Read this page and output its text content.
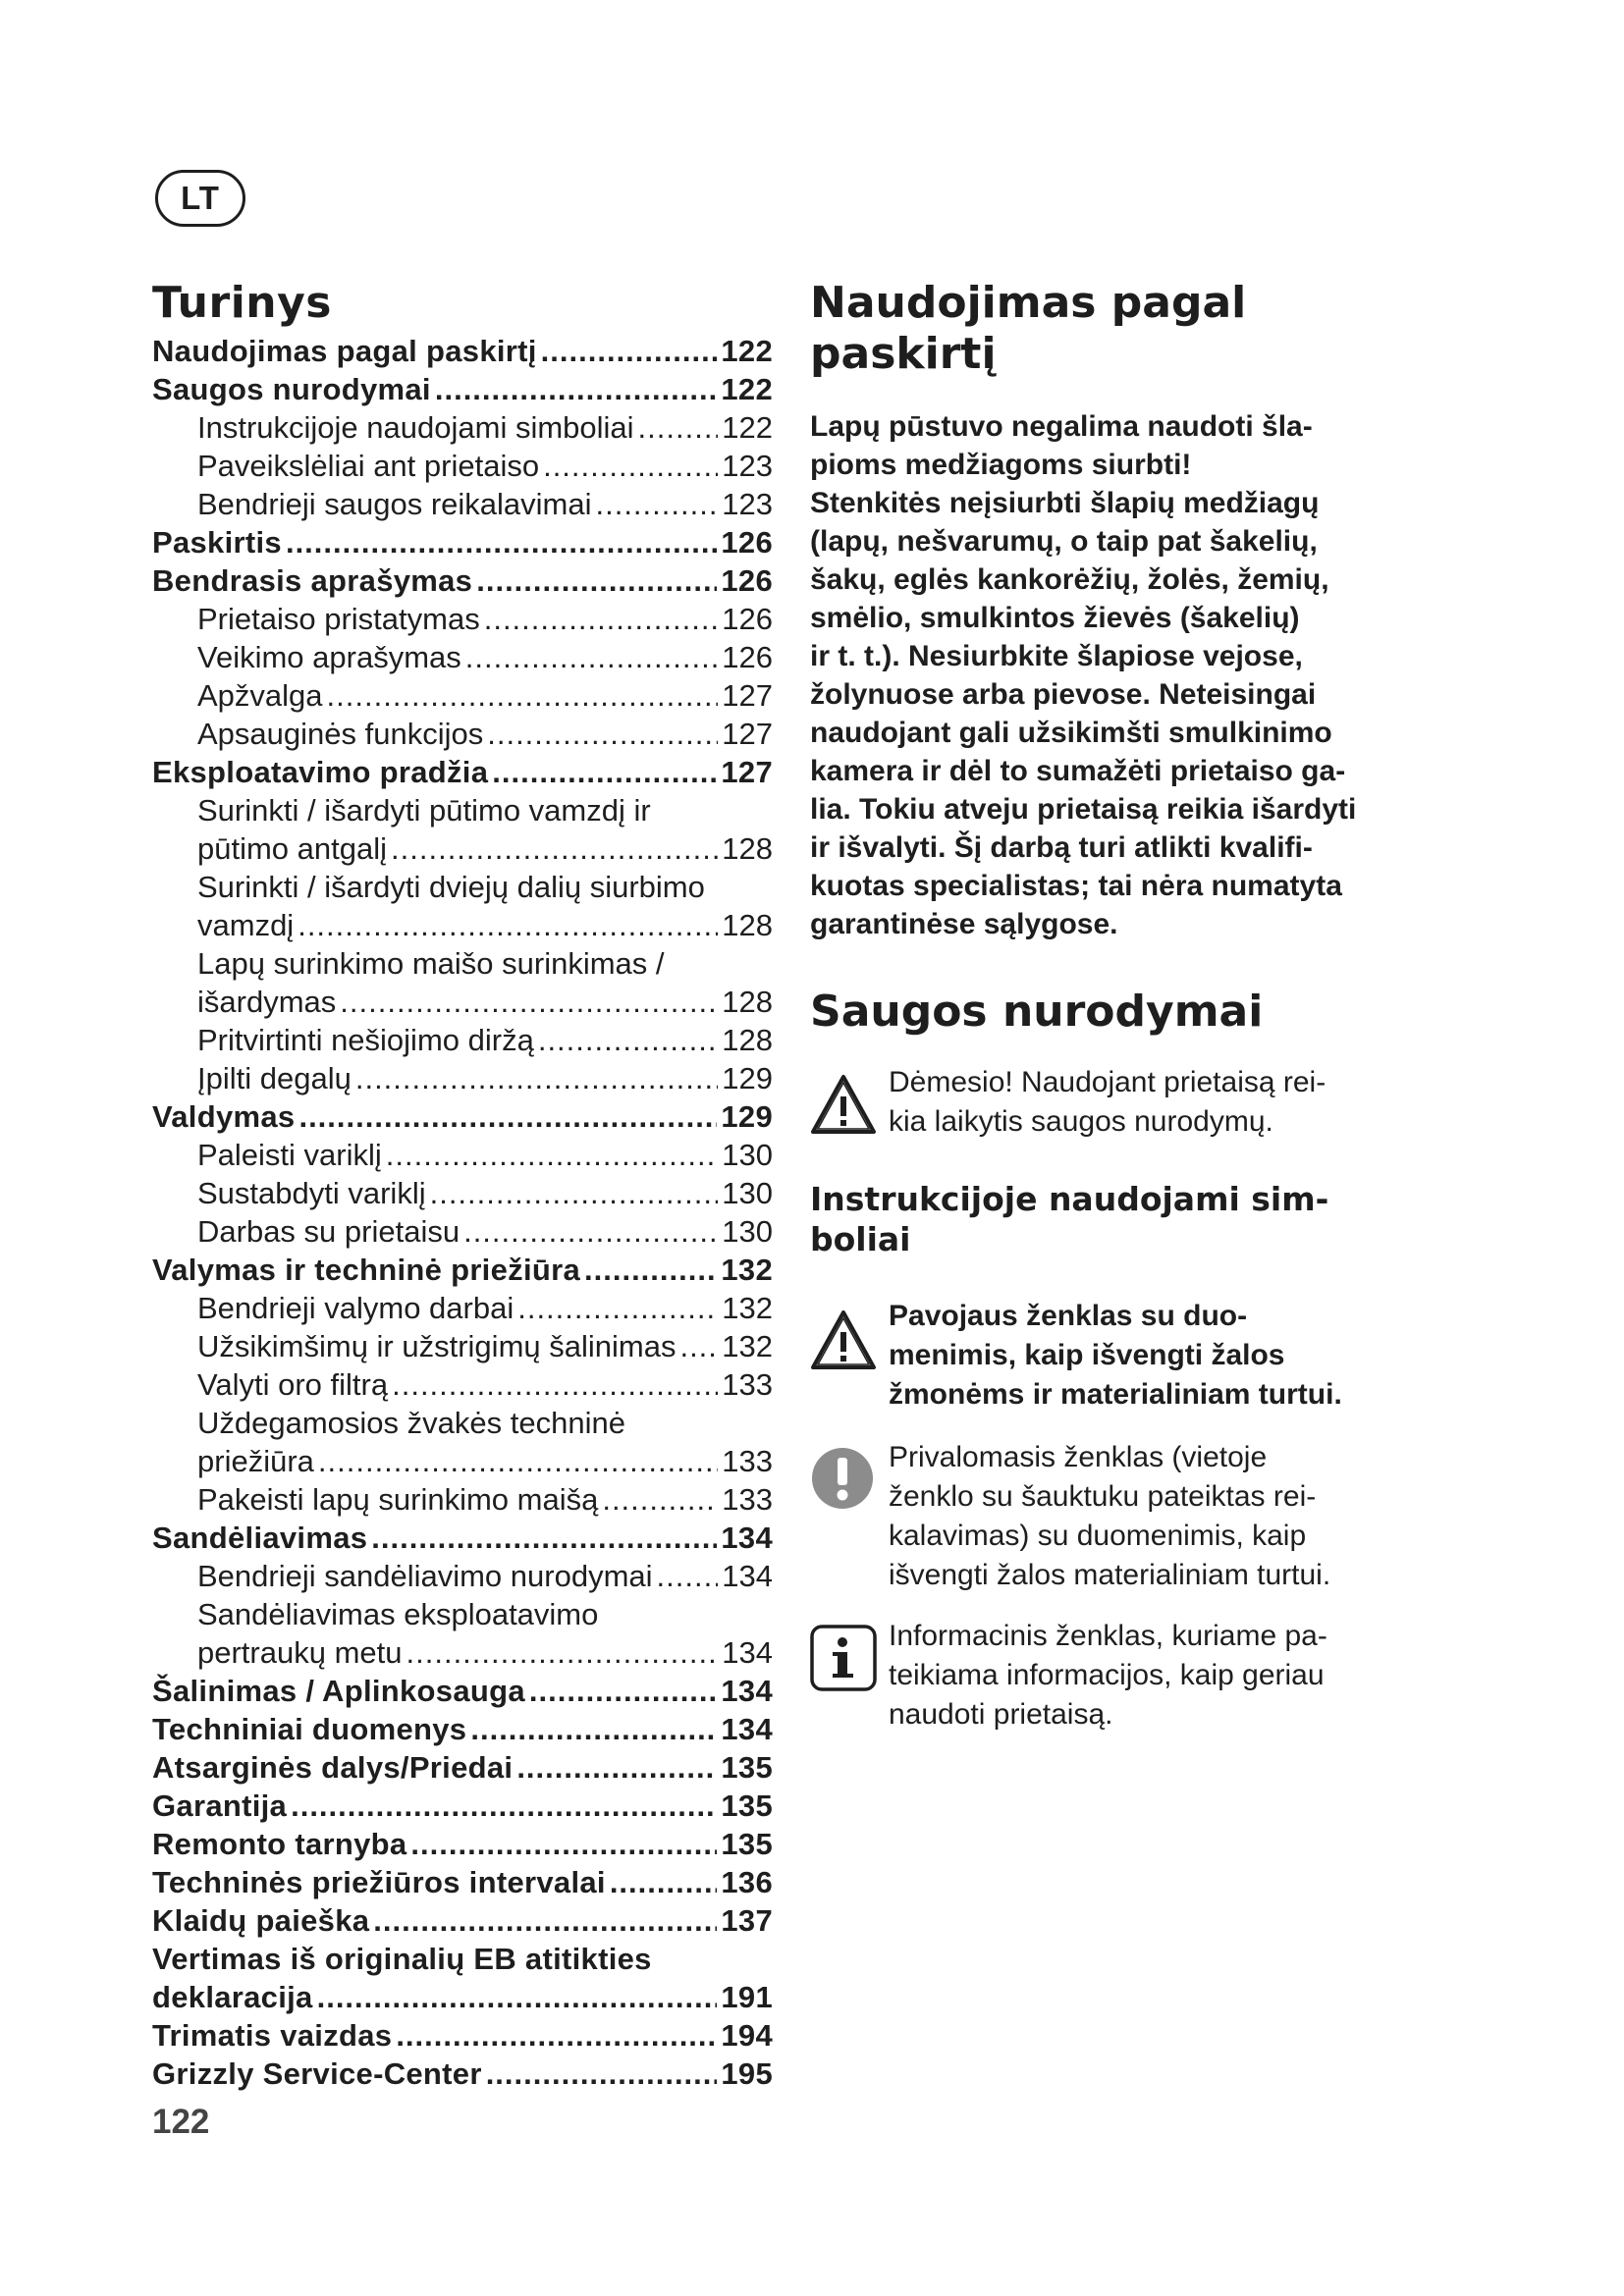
LT
Turinys
Naudojimas pagal paskirtį .....	122
Saugos nurodymai .....	122
Instrukcijoje naudojami simboliai .....	122
Paveikslėliai ant prietaiso .....	123
Bendrieji saugos reikalavimai .....	123
Paskirtis .....	126
Bendrasis aprašymas .....	126
Prietaiso pristatymas .....	126
Veikimo aprašymas .....	126
Apžvalga .....	127
Apsauginės funkcijos .....	127
Eksploatavimo pradžia .....	127
Surinkti / išardyti pūtimo vamzdį ir
pūtimo antgalį .....	128
Surinkti / išardyti dviejų dalių siurbimo
vamzdį .....	128
Lapų surinkimo maišo surinkimas /
išardymas .....	128
Pritvirtinti nešiojimo diržą .....	128
Įpilti degalų .....	129
Valdymas .....	129
Paleisti variklį .....	130
Sustabdyti variklį .....	130
Darbas su prietaisu .....	130
Valymas ir techninė priežiūra .....	132
Bendrieji valymo darbai .....	132
Užsikimšimų ir užstrigimų šalinimas ..... 132
Valyti oro filtrą .....	133
Uždegamosios žvakės techninė
priežiūra .....	133
Pakeisti lapų surinkimo maišą .....	133
Sandėliavimas .....	134
Bendrieji sandėliavimo nurodymai ..... 134
Sandėliavimas eksploatavimo
pertraukų metu .....	134
Šalinimas / Aplinkosauga .....	134
Techniniai duomenys .....	134
Atsarginės dalys/Priedai .....	135
Garantija .....	135
Remonto tarnyba .....	135
Techninės priežiūros intervalai .....	136
Klaidų paieška .....	137
Vertimas iš originalių EB atitikties
deklaracija .....	191
Trimatis vaizdas .....	194
Grizzly Service-Center .....	195
122
Naudojimas pagal
paskirtį
Lapų pūstuvo negalima naudoti šla-
pioms medžiagoms siurbti!
Stenkitės neįsiurbti šlapių medžiagų
(lapų, nešvarumų, o taip pat šakelių,
šakų, eglės kankorėžių, žolės, žemių,
smėlio, smulkintos žievės (šakelių)
ir t. t.). Nesiurbkite šlapiose vejose,
žolynuose arba pievose. Neteisingai
naudojant gali užsikimšti smulkinimo
kamera ir dėl to sumažėti prietaiso ga-
lia. Tokiu atveju prietaisą reikia išardyti
ir išvalyti. Šį darbą turi atlikti kvalifi-
kuotas specialistas; tai nėra numatyta
garantinėse sąlygose.
Saugos nurodymai
Dėmesio! Naudojant prietaisą rei-
kia laikytis saugos nurodymų.
Instrukcijoje naudojami sim-
boliai
Pavojaus ženklas su duo-
menimis, kaip išvengti žalos
žmonėms ir materialiniam turtui.
Privalomasis ženklas (vietoje
ženklo su šauktuku pateiktas rei-
kalavimas) su duomenimis, kaip
išvengti žalos materialiniam turtui.
Informacinis ženklas, kuriame pa-
teikiama informacijos, kaip geriau
naudoti prietaisą.
